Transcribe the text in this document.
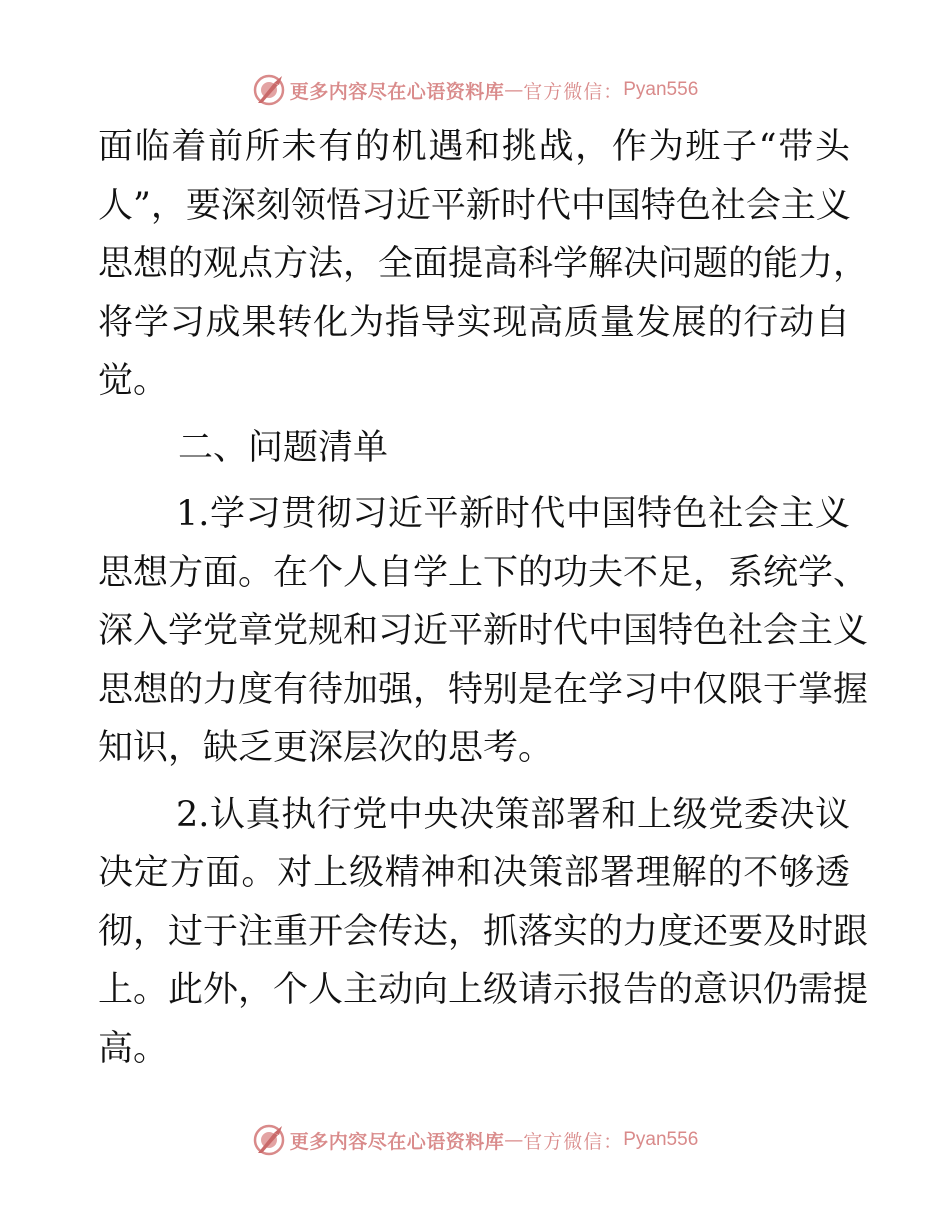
更多内容尽在心语资料库 — 官方微信： Pyan556
面临着前所未有的机遇和挑战，作为班子“带头
人”，要深刻领悟习近平新时代中国特色社会主义
思想的观点方法，全面提高科学解决问题的能力，
将学习成果转化为指导实现高质量发展的行动自
觉。
二、问题清单
1.学习贯彻习近平新时代中国特色社会主义
思想方面。在个人自学上下的功夫不足，系统学、
深入学党章党规和习近平新时代中国特色社会主义
思想的力度有待加强，特别是在学习中仅限于掌握
知识，缺乏更深层次的思考。
2.认真执行党中央决策部署和上级党委决议
决定方面。对上级精神和决策部署理解的不够透
彻，过于注重开会传达，抓落实的力度还要及时跟
上。此外，个人主动向上级请示报告的意识仍需提
高。
更多内容尽在心语资料库 — 官方微信： Pyan556
